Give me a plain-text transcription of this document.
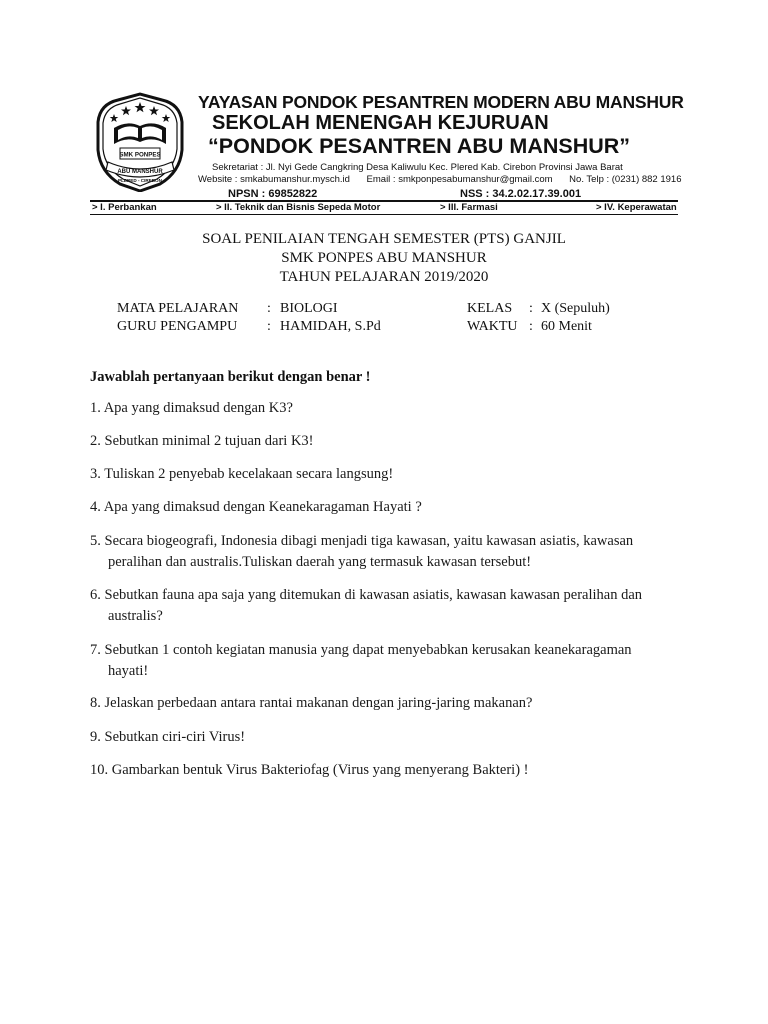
SMK PONPES
ABU MANSHUR
PLERED - CIREBON

YAYASAN PONDOK PESANTREN MODERN ABU MANSHUR

SEKOLAH MENENGAH KEJURUAN

“PONDOK PESANTREN ABU MANSHUR”

Sekretariat : Jl. Nyi Gede Cangkring Desa Kaliwulu Kec. Plered Kab. Cirebon Provinsi Jawa Barat

Website : smkabumanshur.mysch.id Email : smkponpesabumanshur@gmail.com No. Telp : (0231) 882 1916

NPSN : 69852822	NSS : 34.2.02.17.39.001
> I. Perbankan	> II. Teknik dan Bisnis Sepeda Motor	> III. Farmasi	> IV. Keperawatan

SOAL PENILAIAN TENGAH SEMESTER (PTS) GANJIL

SMK PONPES ABU MANSHUR

TAHUN PELAJARAN 2019/2020

MATA PELAJARAN : BIOLOGI
GURU PENGAMPU : HAMIDAH, S.Pd
KELAS : X (Sepuluh)
WAKTU : 60 Menit

Jawablah pertanyaan berikut dengan benar !

1. Apa yang dimaksud dengan K3?

2. Sebutkan minimal 2 tujuan dari K3!

3. Tuliskan 2 penyebab kecelakaan secara langsung!

4. Apa yang dimaksud dengan Keanekaragaman Hayati ?

5. Secara biogeografi, Indonesia dibagi menjadi tiga kawasan, yaitu kawasan asiatis, kawasan
peralihan dan australis.Tuliskan daerah yang termasuk kawasan tersebut!

6. Sebutkan fauna apa saja yang ditemukan di kawasan asiatis, kawasan kawasan peralihan dan
australis?

7. Sebutkan 1 contoh kegiatan manusia yang dapat menyebabkan kerusakan keanekaragaman
hayati!

8. Jelaskan perbedaan antara rantai makanan dengan jaring-jaring makanan?

9. Sebutkan ciri-ciri Virus!

10. Gambarkan bentuk Virus Bakteriofag (Virus yang menyerang Bakteri) !
